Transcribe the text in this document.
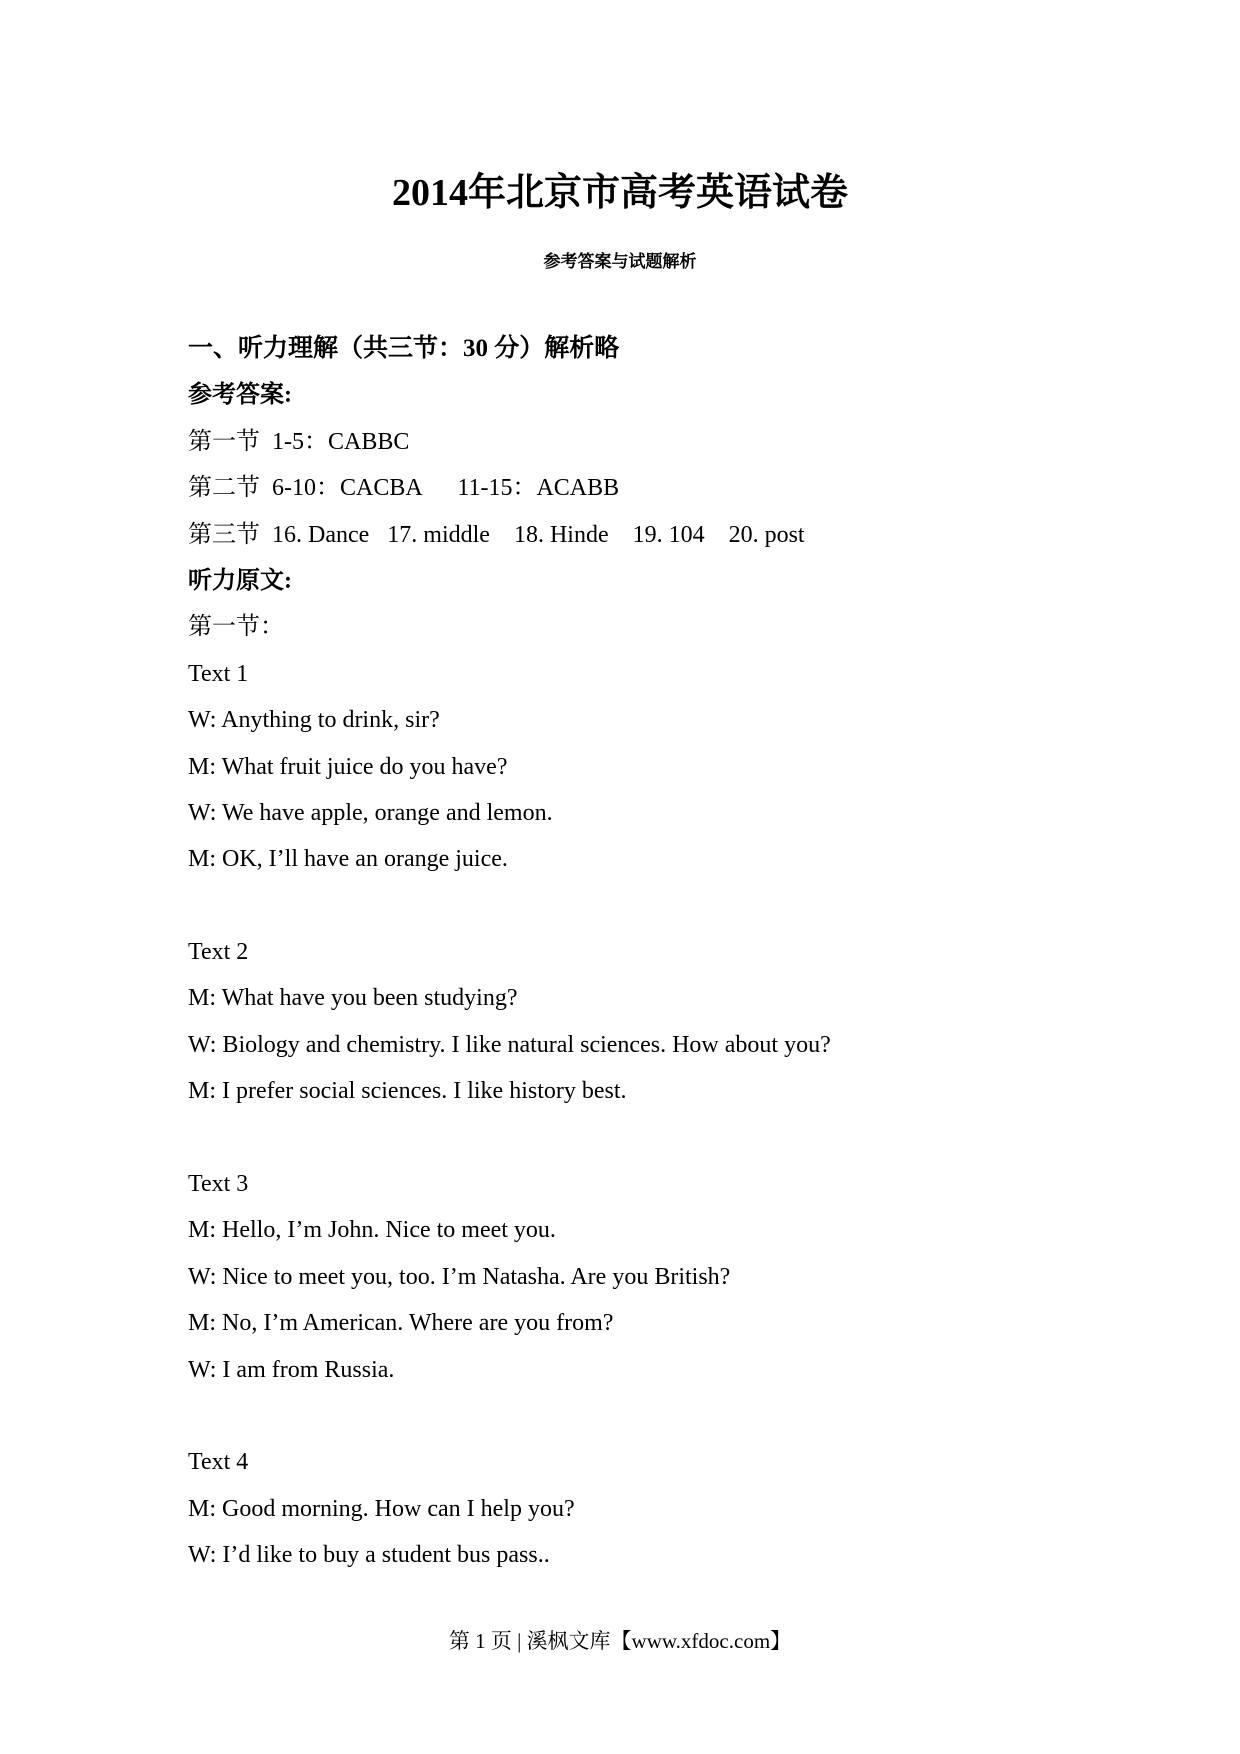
2014年北京市高考英语试卷
参考答案与试题解析
一、听力理解（共三节：30 分）解析略
参考答案:
第一节  1-5：CABBC
第二节  6-10：CACBA      11-15：ACABB
第三节  16. Dance   17. middle    18. Hinde    19. 104    20. post
听力原文:
第一节：
Text 1
W: Anything to drink, sir?
M: What fruit juice do you have?
W: We have apple, orange and lemon.
M: OK, I’ll have an orange juice.
Text 2
M: What have you been studying?
W: Biology and chemistry. I like natural sciences. How about you?
M: I prefer social sciences. I like history best.
Text 3
M: Hello, I’m John. Nice to meet you.
W: Nice to meet you, too. I’m Natasha. Are you British?
M: No, I’m American. Where are you from?
W: I am from Russia.
Text 4
M: Good morning. How can I help you?
W: I’d like to buy a student bus pass..
第 1 页 | 溪枫文库【www.xfdoc.com】
